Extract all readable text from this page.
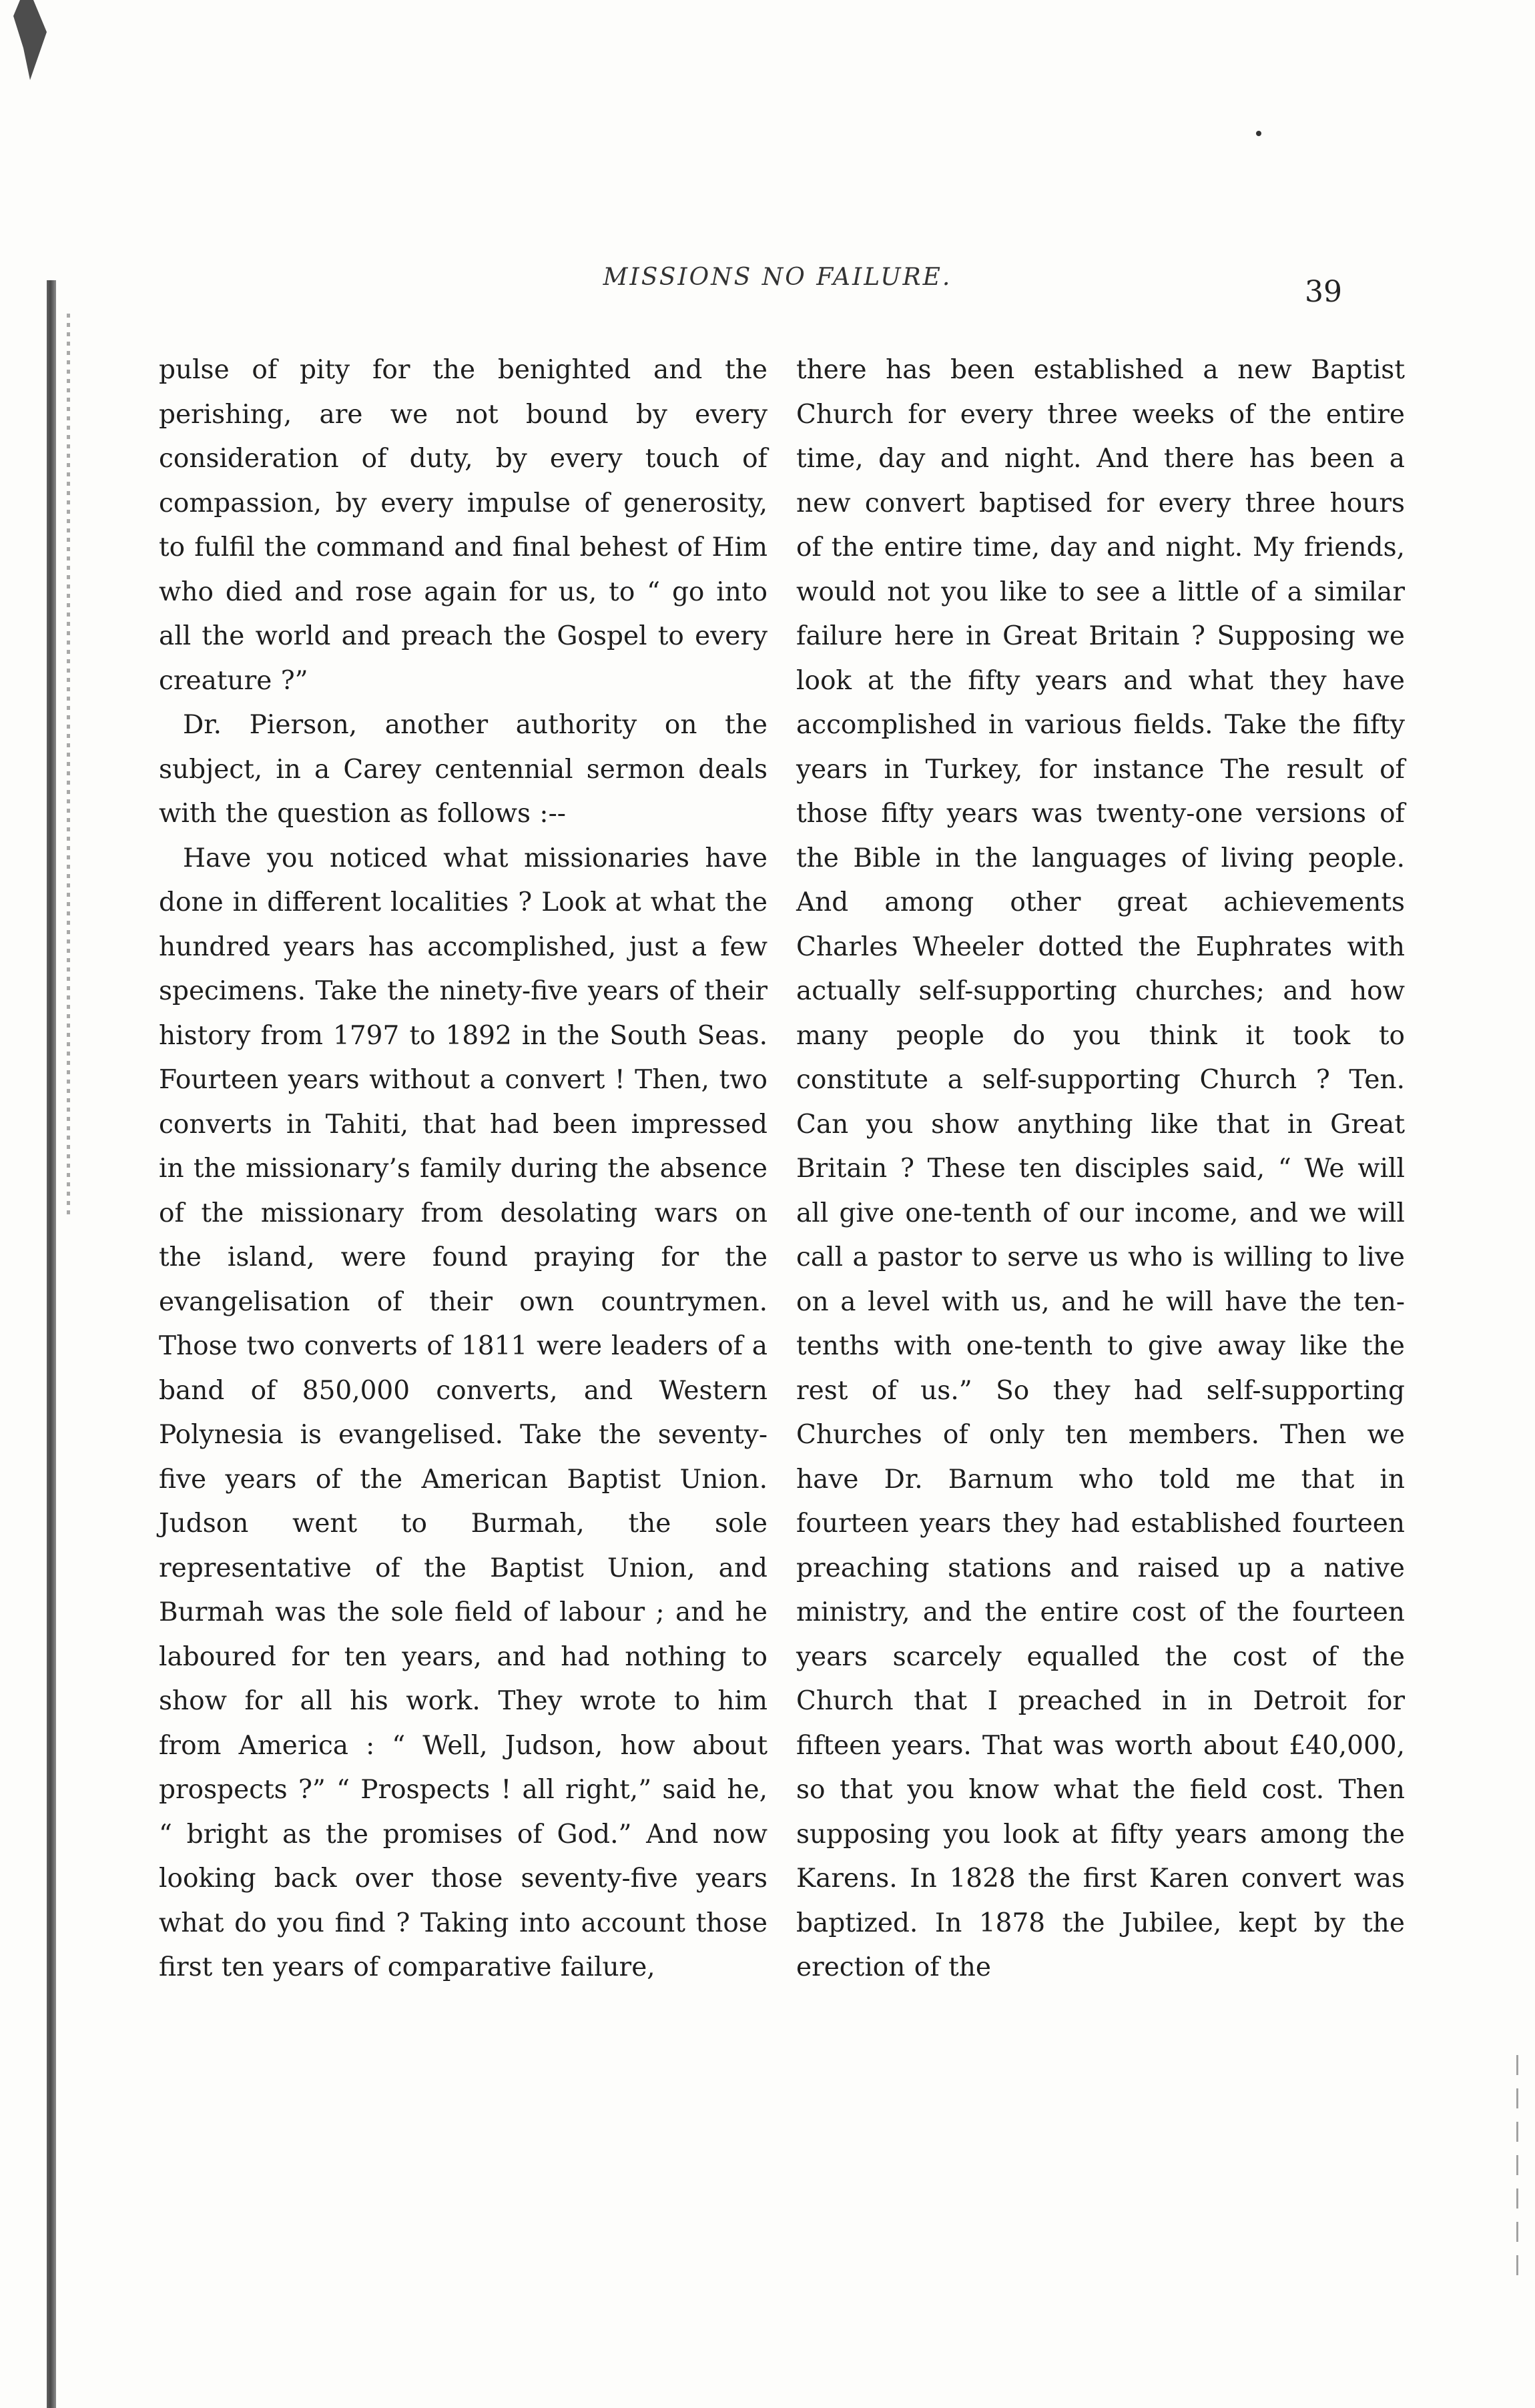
MISSIONS NO FAILURE.	39

pulse of pity for the benighted and the perishing, are we not bound by every consideration of duty, by every touch of compassion, by every impulse of generosity, to fulfil the command and final behest of Him who died and rose again for us, to “ go into all the world and preach the Gospel to every creature ?”

Dr. Pierson, another authority on the subject, in a Carey centennial sermon deals with the question as follows :--

Have you noticed what missionaries have done in different localities ? Look at what the hundred years has accomplished, just a few specimens. Take the ninety-five years of their history from 1797 to 1892 in the South Seas. Fourteen years without a convert ! Then, two converts in Tahiti, that had been impressed in the missionary’s family during the absence of the missionary from desolating wars on the island, were found praying for the evangelisation of their own countrymen. Those two converts of 1811 were leaders of a band of 850,000 converts, and Western Polynesia is evangelised. Take the seventy-five years of the American Baptist Union. Judson went to Burmah, the sole representative of the Baptist Union, and Burmah was the sole field of labour ; and he laboured for ten years, and had nothing to show for all his work. They wrote to him from America : “ Well, Judson, how about prospects ?” “ Prospects ! all right,” said he, “ bright as the promises of God.” And now looking back over those seventy-five years what do you find ? Taking into account those first ten years of comparative failure,

there has been established a new Baptist Church for every three weeks of the entire time, day and night. And there has been a new convert baptised for every three hours of the entire time, day and night. My friends, would not you like to see a little of a similar failure here in Great Britain ? Supposing we look at the fifty years and what they have accomplished in various fields. Take the fifty years in Turkey, for instance The result of those fifty years was twenty-one versions of the Bible in the languages of living people. And among other great achievements Charles Wheeler dotted the Euphrates with actually self-supporting churches; and how many people do you think it took to constitute a self-supporting Church ? Ten. Can you show anything like that in Great Britain ? These ten disciples said, “ We will all give one-tenth of our income, and we will call a pastor to serve us who is willing to live on a level with us, and he will have the ten-tenths with one-tenth to give away like the rest of us.” So they had self-supporting Churches of only ten members. Then we have Dr. Barnum who told me that in fourteen years they had established fourteen preaching stations and raised up a native ministry, and the entire cost of the fourteen years scarcely equalled the cost of the Church that I preached in in Detroit for fifteen years. That was worth about £40,000, so that you know what the field cost. Then supposing you look at fifty years among the Karens. In 1828 the first Karen convert was baptized. In 1878 the Jubilee, kept by the erection of the
